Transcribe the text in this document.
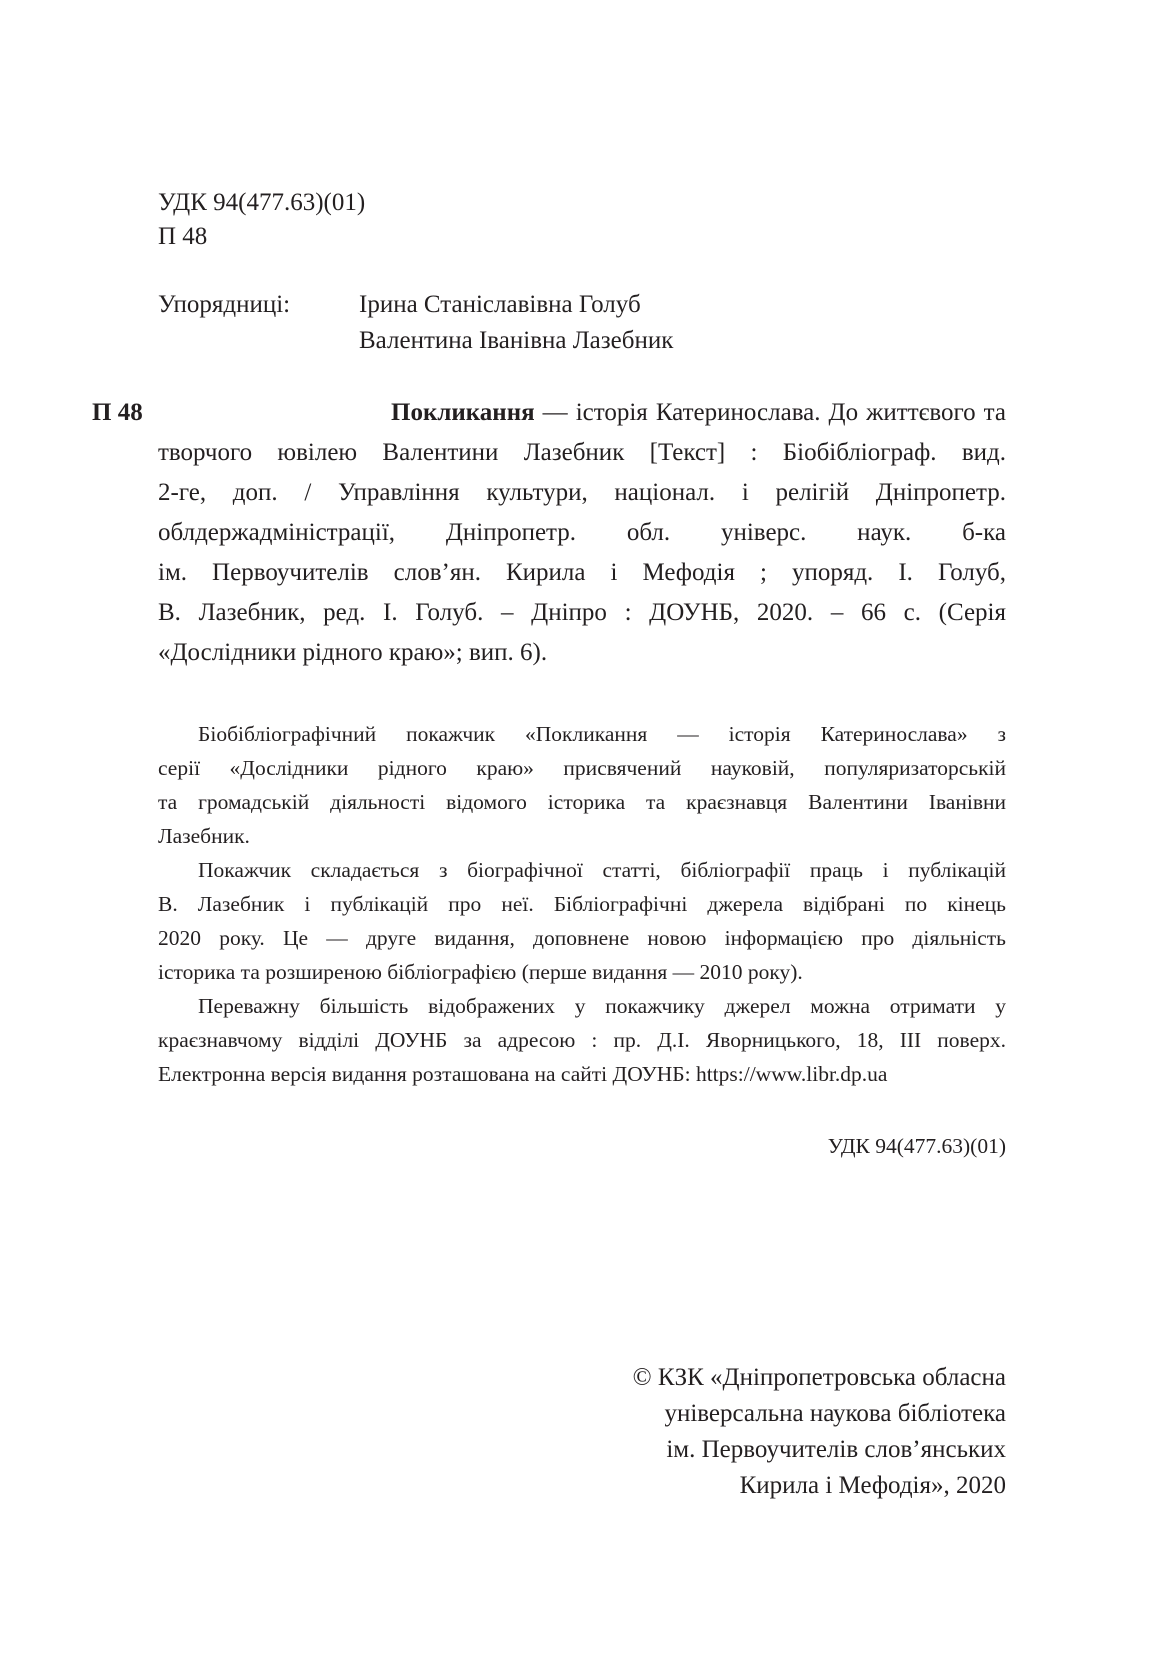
УДК 94(477.63)(01)
П 48
Упорядниці:	Ірина Станіславівна Голуб
Валентина Іванівна Лазебник
П 48	Покликання — історія Катеринослава. До життєвого та
творчого ювілею Валентини Лазебник [Текст] : Біобібліограф. вид.
2-ге, доп. / Управління культури, націонал. і релігій Дніпропетр.
облдержадміністрації, Дніпропетр. обл. універс. наук. б-ка
ім. Первоучителів слов’ян. Кирила і Мефодія ; упоряд. І. Голуб,
В. Лазебник, ред. І. Голуб. – Дніпро : ДОУНБ, 2020. – 66 с. (Серія
«Дослідники рідного краю»; вип. 6).
Біобібліографічний покажчик «Покликання — історія Катеринослава» з
серії «Дослідники рідного краю» присвячений науковій, популяризаторській
та громадській діяльності відомого історика та краєзнавця Валентини Іванівни
Лазебник.
Покажчик складається з біографічної статті, бібліографії праць і публікацій
В. Лазебник і публікацій про неї. Бібліографічні джерела відібрані по кінець
2020 року. Це — друге видання, доповнене новою інформацією про діяльність
історика та розширеною бібліографією (перше видання — 2010 року).
Переважну більшість відображених у покажчику джерел можна отримати у
краєзнавчому відділі ДОУНБ за адресою : пр. Д.І. Яворницького, 18, ІІІ поверх.
Електронна версія видання розташована на сайті ДОУНБ: https://www.libr.dp.ua
УДК 94(477.63)(01)
© КЗК «Дніпропетровська обласна
універсальна наукова бібліотека
ім. Первоучителів слов’янських
Кирила і Мефодія», 2020
